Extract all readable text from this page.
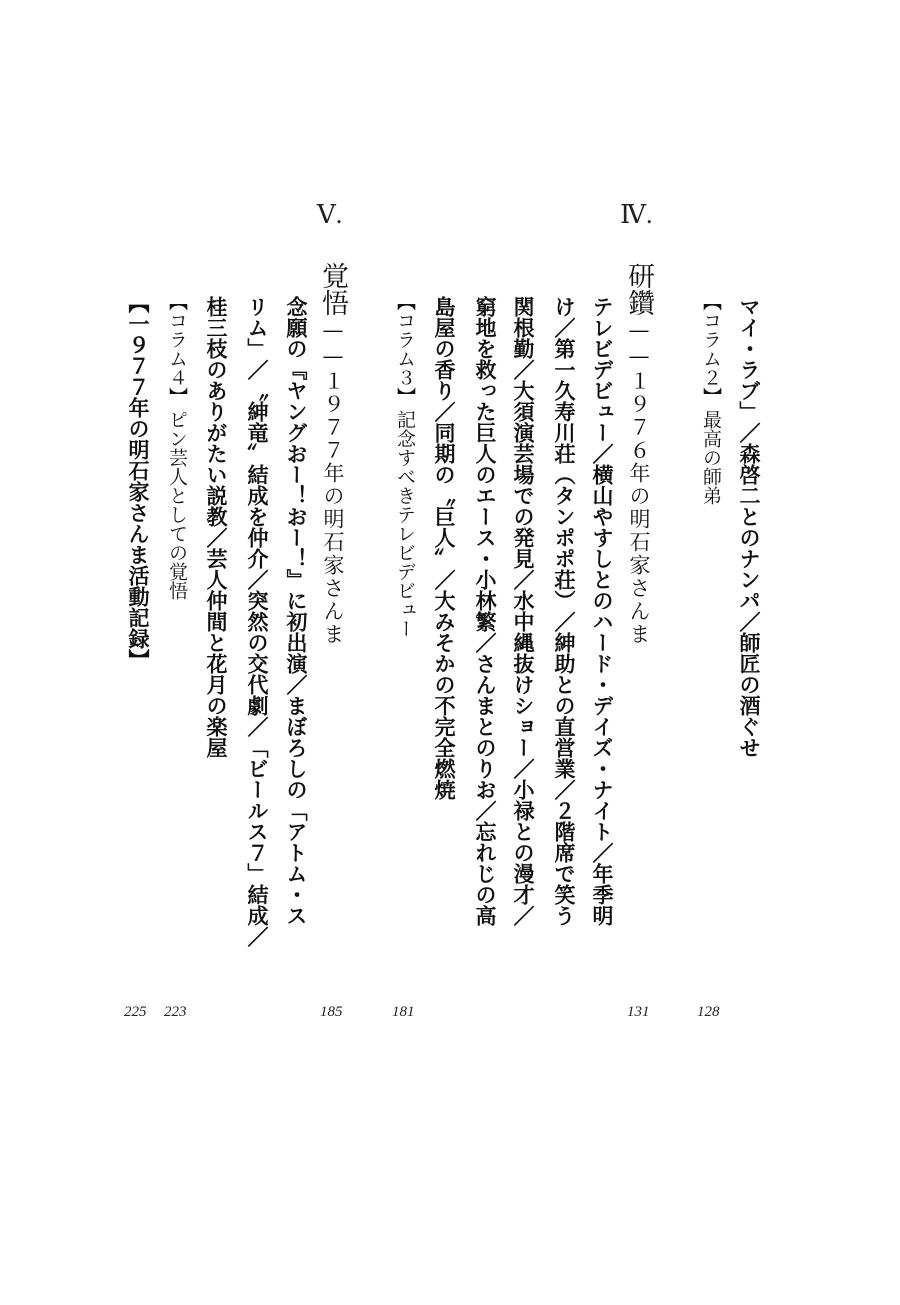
Ⅳ.
Ⅴ.
マイ・ラブ」／森啓二とのナンパ／師匠の酒ぐせ
【コラム２】
最高の師弟
128
研鑽
——１９７６年の明石家さんま
テレビデビュー／横山やすしとのハード・デイズ・ナイト／年季明
け／第一久寿川荘（タンポポ荘）／紳助との直営業／２階席で笑う
関根勤／大須演芸場での発見／水中縄抜けショー／小禄との漫才／
窮地を救った巨人のエース・小林繁／さんまとのりお／忘れじの高
島屋の香り／同期の〝巨人〟／大みそかの不完全燃焼
【コラム３】
記念すべきテレビデビュー
131
181
覚悟
——１９７７年の明石家さんま
念願の『ヤングおー！おー！』に初出演／まぼろしの「アトム・ス
リム」／〝紳竜〟結成を仲介／突然の交代劇／「ビールス７」結成／
桂三枝のありがたい説教／芸人仲間と花月の楽屋
【コラム４】
ピン芸人としての覚悟
【一９７７年の明石家さんま活動記録】
185
223
225
